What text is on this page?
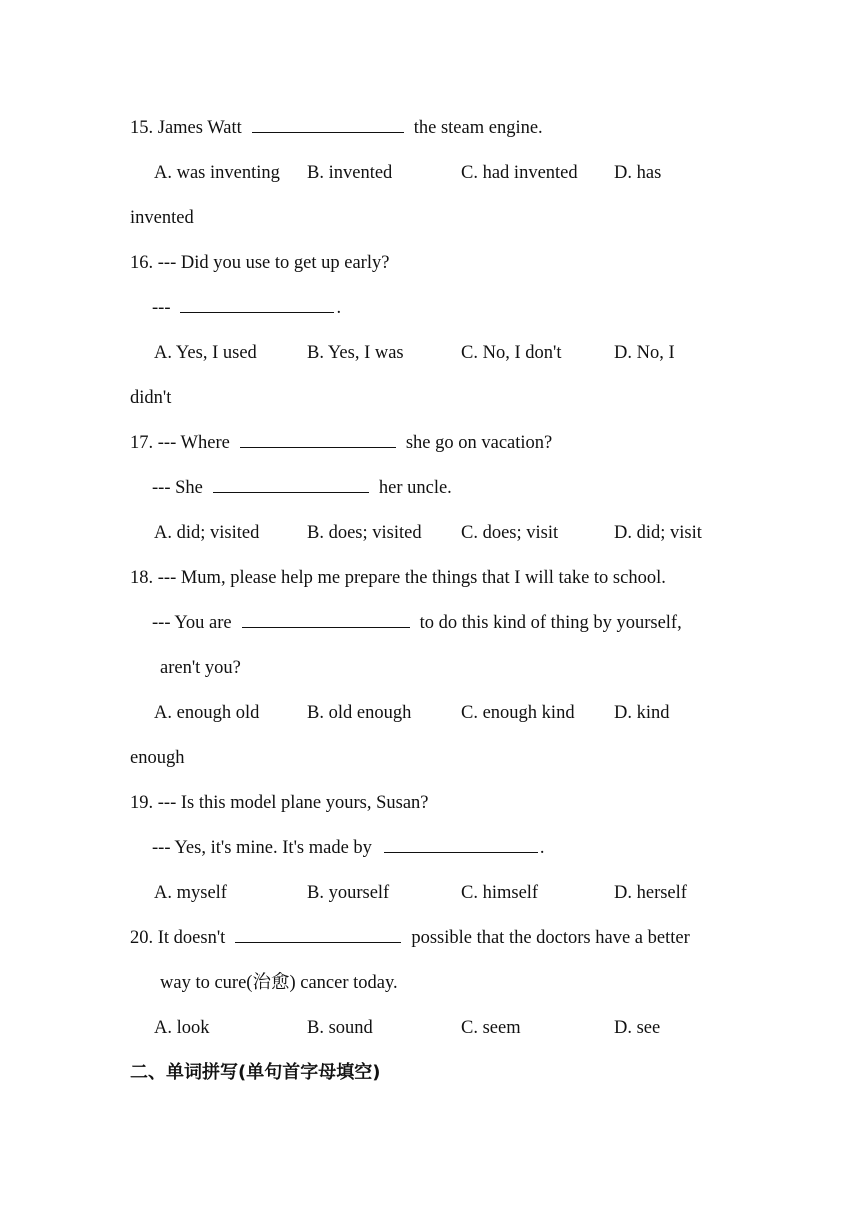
15. James Watt	the steam engine.
A. was inventing B. invented	C. had invented D. has
invented
16. --- Did you use to get up early?
---	.
A. Yes, I used	B. Yes, I was	C. No, I don't	D. No, I
didn't
17. --- Where	she go on vacation?
--- She	her uncle.
A. did; visited	B. does; visited C. does; visit	D. did; visit
18. --- Mum, please help me prepare the things that I will take to school.
--- You are	to do this kind of thing by yourself,
aren't you?
A. enough old	B. old enough	C. enough kind D. kind
enough
19. --- Is this model plane yours, Susan?
--- Yes, it's mine. It's made by	.
A. myself	B. yourself	C. himself	D. herself
20. It doesn't	possible that the doctors have a better
way to cure(治愈) cancer today.
A. look	B. sound	C. seem	D. see
二、单词拼写(单句首字母填空)
